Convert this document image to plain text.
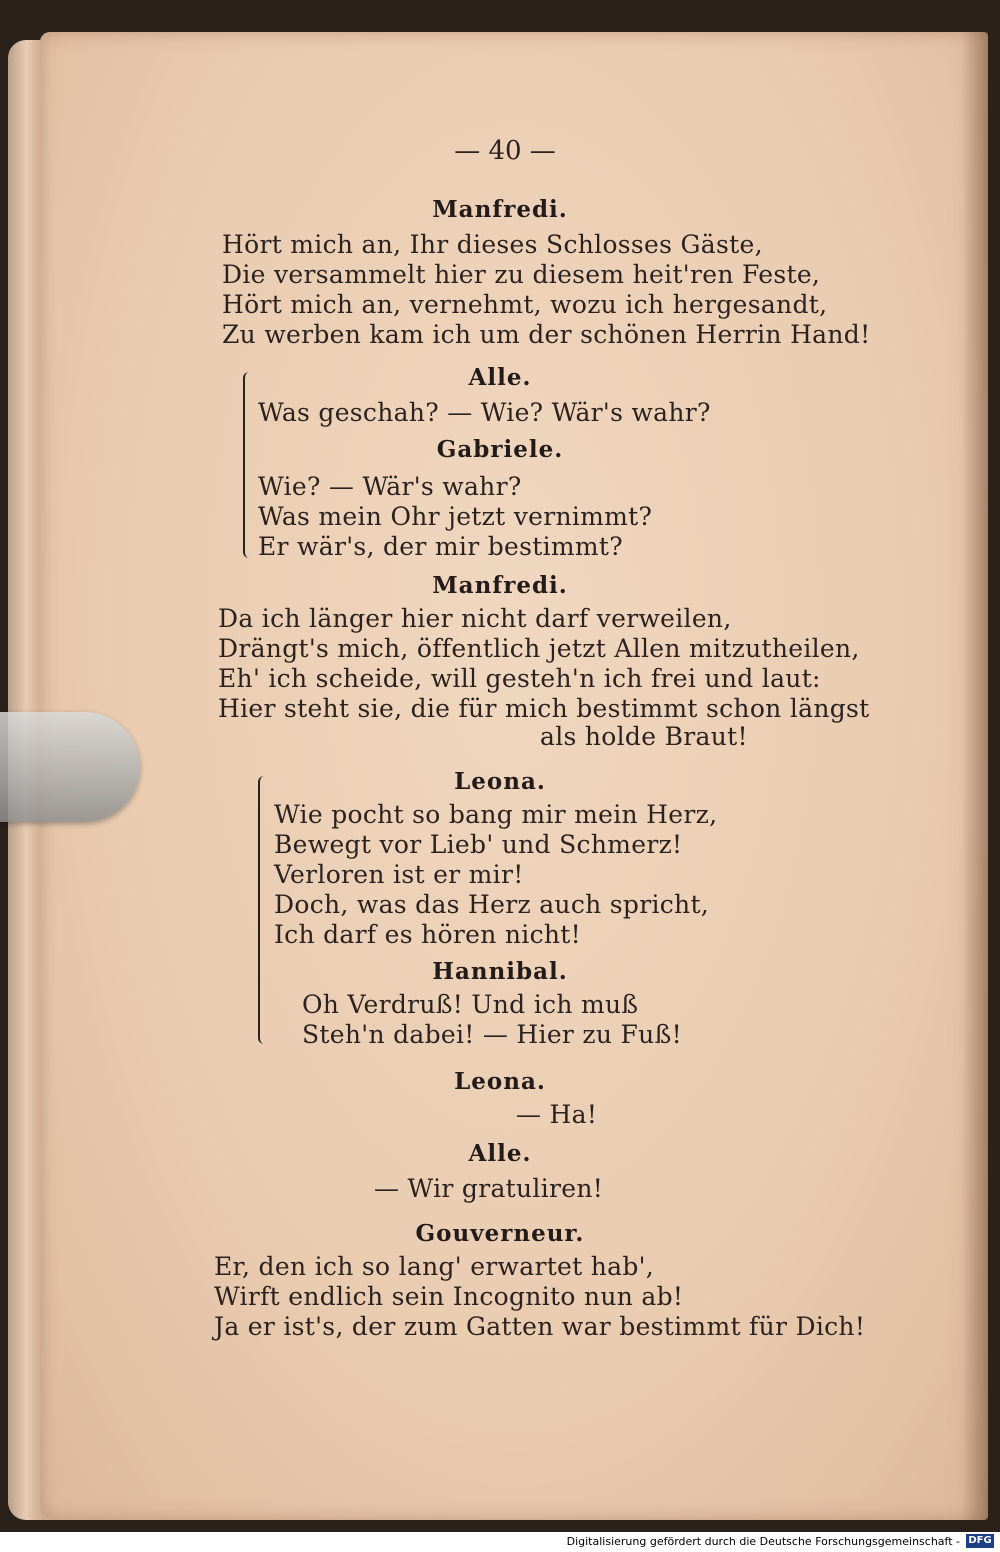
— 40 —
Manfredi.
Hört mich an, Ihr dieses Schlosses Gäste,
Die versammelt hier zu diesem heit'ren Feste,
Hört mich an, vernehmt, wozu ich hergesandt,
Zu werben kam ich um der schönen Herrin Hand!
Alle.
Was geschah? — Wie? Wär's wahr?
Gabriele.
Wie? — Wär's wahr?
Was mein Ohr jetzt vernimmt?
Er wär's, der mir bestimmt?
Manfredi.
Da ich länger hier nicht darf verweilen,
Drängt's mich, öffentlich jetzt Allen mitzutheilen,
Eh' ich scheide, will gesteh'n ich frei und laut:
Hier steht sie, die für mich bestimmt schon längst
als holde Braut!
Leona.
Wie pocht so bang mir mein Herz,
Bewegt vor Lieb' und Schmerz!
Verloren ist er mir!
Doch, was das Herz auch spricht,
Ich darf es hören nicht!
Hannibal.
Oh Verdruß! Und ich muß
Steh'n dabei! — Hier zu Fuß!
Leona.
— Ha!
Alle.
— Wir gratuliren!
Gouverneur.
Er, den ich so lang' erwartet hab',
Wirft endlich sein Incognito nun ab!
Ja er ist's, der zum Gatten war bestimmt für Dich!
Digitalisierung gefördert durch die Deutsche Forschungsgemeinschaft - DFG
